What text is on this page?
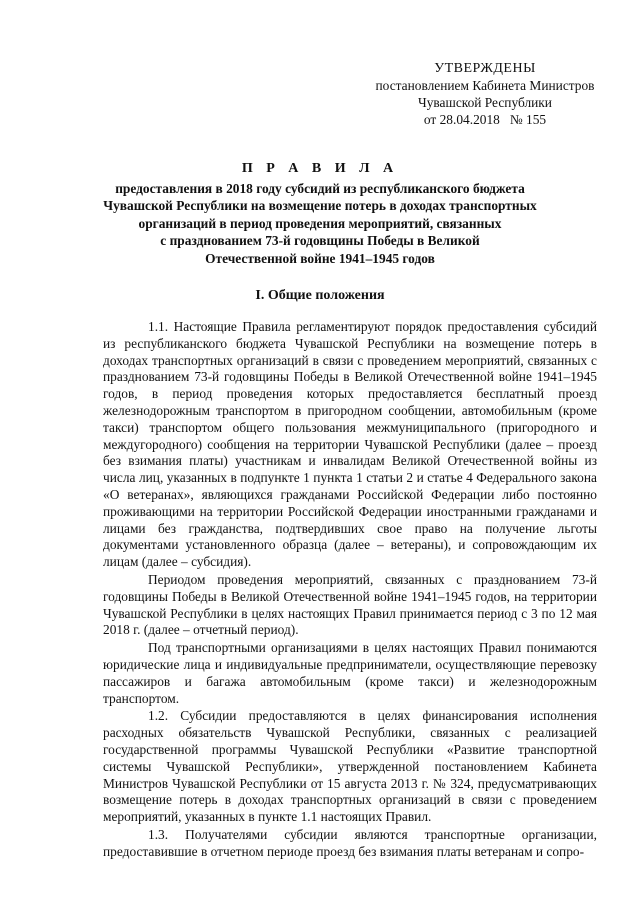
УТВЕРЖДЕНЫ
постановлением Кабинета Министров
Чувашской Республики
от 28.04.2018   № 155
П Р А В И Л А
предоставления в 2018 году субсидий из республиканского бюджета
Чувашской Республики на возмещение потерь в доходах транспортных
организаций в период проведения мероприятий, связанных
с празднованием 73-й годовщины Победы в Великой
Отечественной войне 1941–1945 годов
I. Общие положения

1.1. Настоящие Правила регламентируют порядок предоставления субсидий из республиканского бюджета Чувашской Республики на возмещение потерь в доходах транспортных организаций в связи с проведением мероприятий, связанных с празднованием 73-й годовщины Победы в Великой Отечественной войне 1941–1945 годов, в период проведения которых предоставляется бесплатный проезд железнодорожным транспортом в пригородном сообщении, автомобильным (кроме такси) транспортом общего пользования межмуниципального (пригородного и междугородного) сообщения на территории Чувашской Республики (далее – проезд без взимания платы) участникам и инвалидам Великой Отечественной войны из числа лиц, указанных в подпункте 1 пункта 1 статьи 2 и статье 4 Федерального закона «О ветеранах», являющихся гражданами Российской Федерации либо постоянно проживающими на территории Российской Федерации иностранными гражданами и лицами без гражданства, подтвердивших свое право на получение льготы документами установленного образца (далее – ветераны), и сопровождающим их лицам (далее – субсидия).

Периодом проведения мероприятий, связанных с празднованием 73-й годовщины Победы в Великой Отечественной войне 1941–1945 годов, на территории Чувашской Республики в целях настоящих Правил принимается период с 3 по 12 мая 2018 г. (далее – отчетный период).

Под транспортными организациями в целях настоящих Правил понимаются юридические лица и индивидуальные предприниматели, осуществляющие перевозку пассажиров и багажа автомобильным (кроме такси) и железнодорожным транспортом.

1.2. Субсидии предоставляются в целях финансирования исполнения расходных обязательств Чувашской Республики, связанных с реализацией государственной программы Чувашской Республики «Развитие транспортной системы Чувашской Республики», утвержденной постановлением Кабинета Министров Чувашской Республики от 15 августа 2013 г. № 324, предусматривающих возмещение потерь в доходах транспортных организаций в связи с проведением мероприятий, указанных в пункте 1.1 настоящих Правил.

1.3. Получателями субсидии являются транспортные организации, предоставившие в отчетном периоде проезд без взимания платы ветеранам и сопро-
